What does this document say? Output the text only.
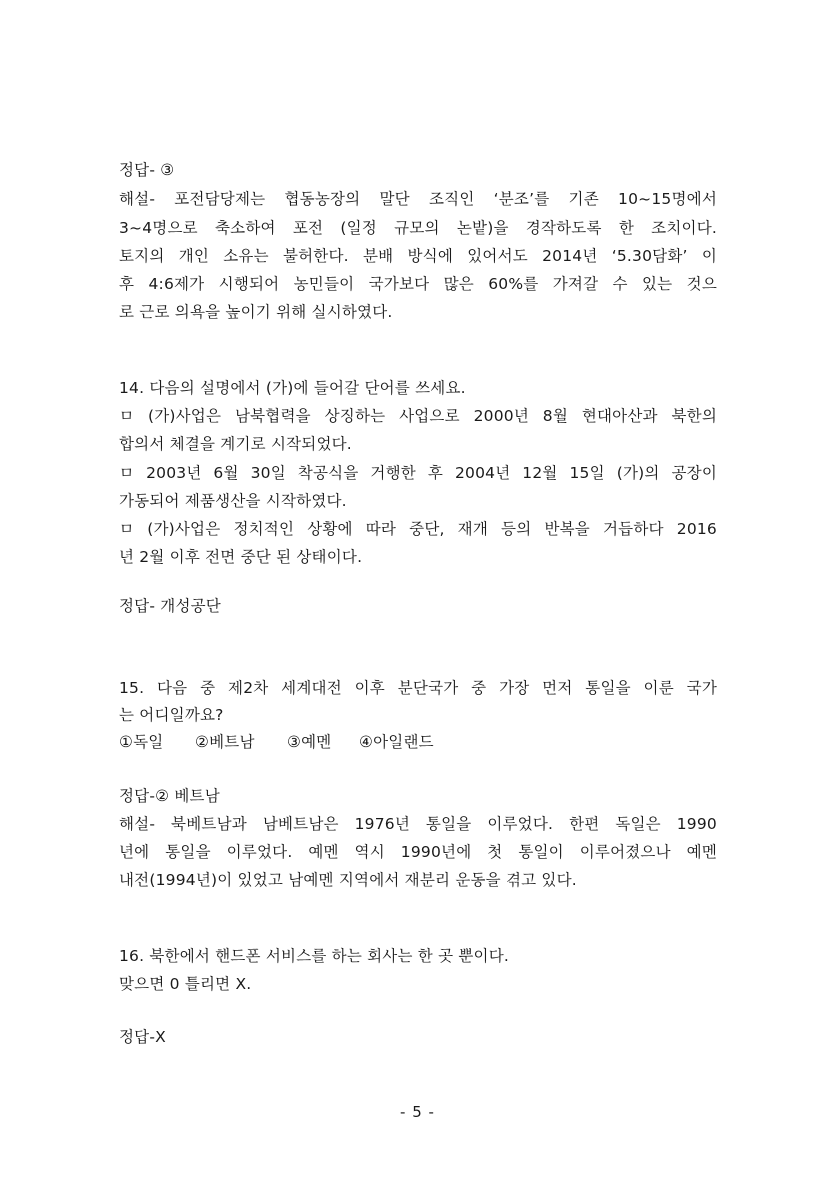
정답- ③
해설- 포전담당제는 협동농장의 말단 조직인 ‘분조’를 기존 10~15명에서
3~4명으로 축소하여 포전 (일정 규모의 논밭)을 경작하도록 한 조치이다.
토지의 개인 소유는 불허한다. 분배 방식에 있어서도 2014년 ‘5.30담화’ 이
후 4:6제가 시행되어 농민들이 국가보다 많은 60%를 가져갈 수 있는 것으
로 근로 의욕을 높이기 위해 실시하였다.
14. 다음의 설명에서 (가)에 들어갈 단어를 쓰세요.
ㅁ (가)사업은 남북협력을 상징하는 사업으로 2000년 8월 현대아산과 북한의
합의서 체결을 계기로 시작되었다.
ㅁ 2003년 6월 30일 착공식을 거행한 후 2004년 12월 15일 (가)의 공장이
가동되어 제품생산을 시작하였다.
ㅁ (가)사업은 정치적인 상황에 따라 중단, 재개 등의 반복을 거듭하다 2016
년 2월 이후 전면 중단 된 상태이다.
정답- 개성공단
15. 다음 중 제2차 세계대전 이후 분단국가 중 가장 먼저 통일을 이룬 국가
는 어디일까요?
①독일 ②베트남 ③예멘 ④아일랜드
정답-② 베트남
해설- 북베트남과 남베트남은 1976년 통일을 이루었다. 한편 독일은 1990
년에 통일을 이루었다. 예멘 역시 1990년에 첫 통일이 이루어졌으나 예멘
내전(1994년)이 있었고 남예멘 지역에서 재분리 운동을 겪고 있다.
16. 북한에서 핸드폰 서비스를 하는 회사는 한 곳 뿐이다.
맞으면 0 틀리면 X.
정답-X
- 5 -
